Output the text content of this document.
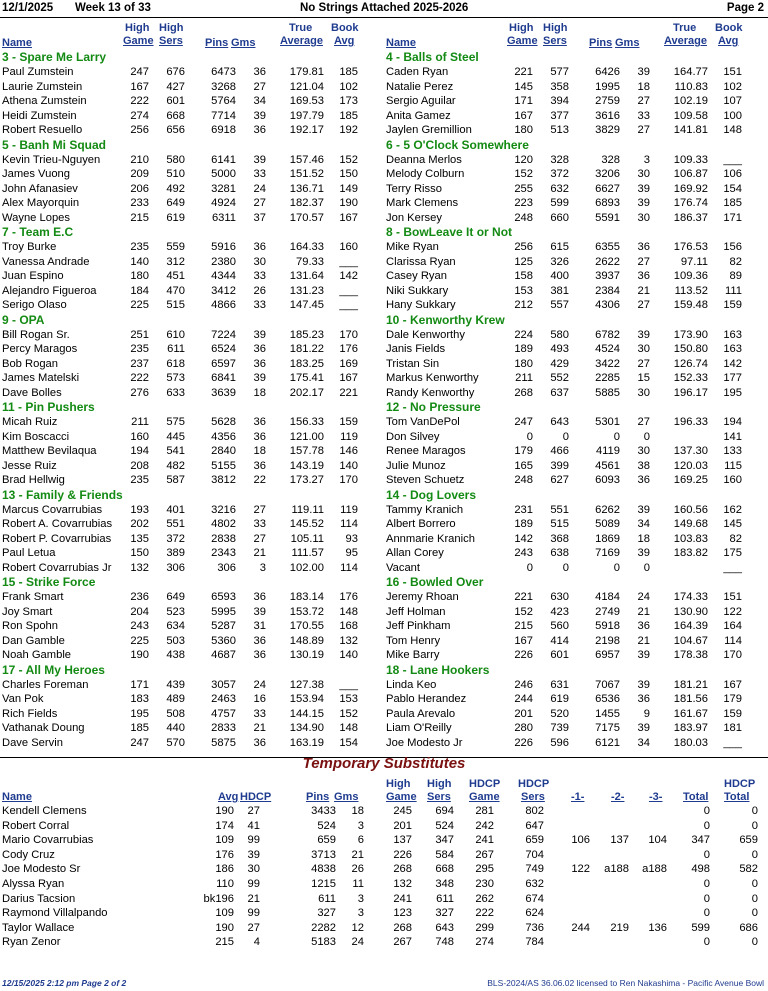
12/1/2025 Week 13 of 33	No Strings Attached 2025-2026	Page 2
Name
High
Game
High
Sers Pins Gms
True
Average
Book
Avg
3 - Spare Me Larry
Paul Zumstein	247 676 6473 36 179.81 185
Laurie Zumstein	167 427 3268 27 121.04 102
Athena Zumstein	222 601 5764 34 169.53 173
Heidi Zumstein	274 668 7714 39 197.79 185
Robert Resuello	256 656 6918 36 192.17 192
5 - Banh Mi Squad
Kevin Trieu-Nguyen	210 580 6141 39 157.46 152
James Vuong	209 510 5000 33 151.52 150
John Afanasiev	206 492 3281 24 136.71 149
Alex Mayorquin	233 649 4924 27 182.37 190
Wayne Lopes	215 619 6311 37 170.57 167
7 - Team E.C
Troy Burke	235 559 5916 36 164.33 160
Vanessa Andrade	140 312 2380 30	79.33 ___
Juan Espino	180 451 4344 33 131.64 142
Alejandro Figueroa	184 470 3412 26 131.23 ___
Serigo Olaso	225 515 4866 33 147.45 ___
9 - OPA
Bill Rogan Sr.	251 610 7224 39 185.23 170
Percy Maragos	235 611 6524 36 181.22 176
Bob Rogan	237 618 6597 36 183.25 169
James Matelski	222 573 6841 39 175.41 167
Dave Bolles	276 633 3639 18 202.17 221
11 - Pin Pushers
Micah Ruiz	211 575 5628 36 156.33 159
Kim Boscacci	160 445 4356 36 121.00 119
Matthew Bevilaqua	194 541 2840 18 157.78 146
Jesse Ruiz	208 482 5155 36 143.19 140
Brad Hellwig	235 587 3812 22 173.27 170
13 - Family & Friends
Marcus Covarrubias	193 401 3216 27 119.11 119
Robert A. Covarrubias 202 551 4802 33 145.52 114
Robert P. Covarrubias 135 372 2838 27 105.11 93
Paul Letua	150 389 2343 21 111.57 95
Robert Covarrubias Jr 132 306	306 3 102.00 114
15 - Strike Force
Frank Smart	236 649 6593 36 183.14 176
Joy Smart	204 523 5995 39 153.72 148
Ron Spohn	243 634 5287 31 170.55 168
Dan Gamble	225 503 5360 36 148.89 132
Noah Gamble	190 438 4687 36 130.19 140
17 - All My Heroes
Charles Foreman	171 439 3057 24 127.38 ___
Van Pok	183 489 2463 16 153.94 153
Rich Fields	195 508 4757 33 144.15 152
Vathanak Doung	185 440 2833 21 134.90 148
Dave Servin	247 570 5875 36 163.19 154
Name
High
Game
High
Sers Pins Gms
True
Average
Book
Avg
4 - Balls of Steel
Caden Ryan	221 577 6426 39 164.77 151
Natalie Perez	145 358 1995 18 110.83 102
Sergio Aguilar	171 394 2759 27 102.19 107
Anita Gamez	167 377 3616 33 109.58 100
Jaylen Gremillion	180 513 3829 27 141.81 148
6 - 5 O'Clock Somewhere
Deanna Merlos	120 328	328 3 109.33 ___
Melody Colburn	152 372 3206 30 106.87 106
Terry Risso	255 632 6627 39 169.92 154
Mark Clemens	223 599 6893 39 176.74 185
Jon Kersey	248 660 5591 30 186.37 171
8 - BowLeave It or Not
Mike Ryan	256 615 6355 36 176.53 156
Clarissa Ryan	125 326 2622 27	97.11 82
Casey Ryan	158 400 3937 36 109.36 89
Niki Sukkary	153 381 2384 21 113.52 111
Hany Sukkary	212 557 4306 27 159.48 159
10 - Kenworthy Krew
Dale Kenworthy	224 580 6782 39 173.90 163
Janis Fields	189 493 4524 30 150.80 163
Tristan Sin	180 429 3422 27 126.74 142
Markus Kenworthy	211 552 2285 15 152.33 177
Randy Kenworthy	268 637 5885 30 196.17 195
12 - No Pressure
Tom VanDePol	247 643 5301 27 196.33 194
Don Silvey	0	0	0 0	141
Renee Maragos	179 466 4119 30 137.30 133
Julie Munoz	165 399 4561 38 120.03 115
Steven Schuetz	248 627 6093 36 169.25 160
14 - Dog Lovers
Tammy Kranich	231 551 6262 39 160.56 162
Albert Borrero	189 515 5089 34 149.68 145
Annmarie Kranich	142 368 1869 18 103.83 82
Allan Corey	243 638 7169 39 183.82 175
Vacant	0	0	0 0	___
16 - Bowled Over
Jeremy Rhoan	221 630 4184 24 174.33 151
Jeff Holman	152 423 2749 21 130.90 122
Jeff Pinkham	215 560 5918 36 164.39 164
Tom Henry	167 414 2198 21 104.67 114
Mike Barry	226 601 6957 39 178.38 170
18 - Lane Hookers
Linda Keo	246 631 7067 39 181.21 167
Pablo Herandez	244 619 6536 36 181.56 179
Paula Arevalo	201 520 1455 9 161.67 159
Liam O'Reilly	280 739 7175 39 183.97 181
Joe Modesto Jr	226 596 6121 34 180.03 ___
Temporary Substitutes
Name	Avg HDCP	Pins Gms
High
Game
High
Sers
HDCP
Game
HDCP
Sers -1- -2- -3- Total
HDCP
Total
Kendell Clemens	190 27	3433 18	245 694 281	802	0	0
Robert Corral	174 41	524 3	201 524 242	647	0	0
Mario Covarrubias	109 99	659 6	137 347 241	659 106 137 104 347	659
Cody Cruz	176 39	3713 21	226 584 267	704	0	0
Joe Modesto Sr	186 30	4838 26	268 668 295	749 122 a188 a188 498	582
Alyssa Ryan	110 99	1215 11	132 348 230	632	0	0
Darius Tacsion	bk196 21	611 3	241 611 262	674	0	0
Raymond Villalpando	109 99	327 3	123 327 222	624	0	0
Taylor Wallace	190 27	2282 12	268 643 299	736 244 219 136 599	686
Ryan Zenor	215 4	5183 24	267 748 274	784	0	0
12/15/2025 2:12 pm Page 2 of 2	BLS-2024/AS 36.06.02 licensed to Ren Nakashima - Pacific Avenue Bowl
